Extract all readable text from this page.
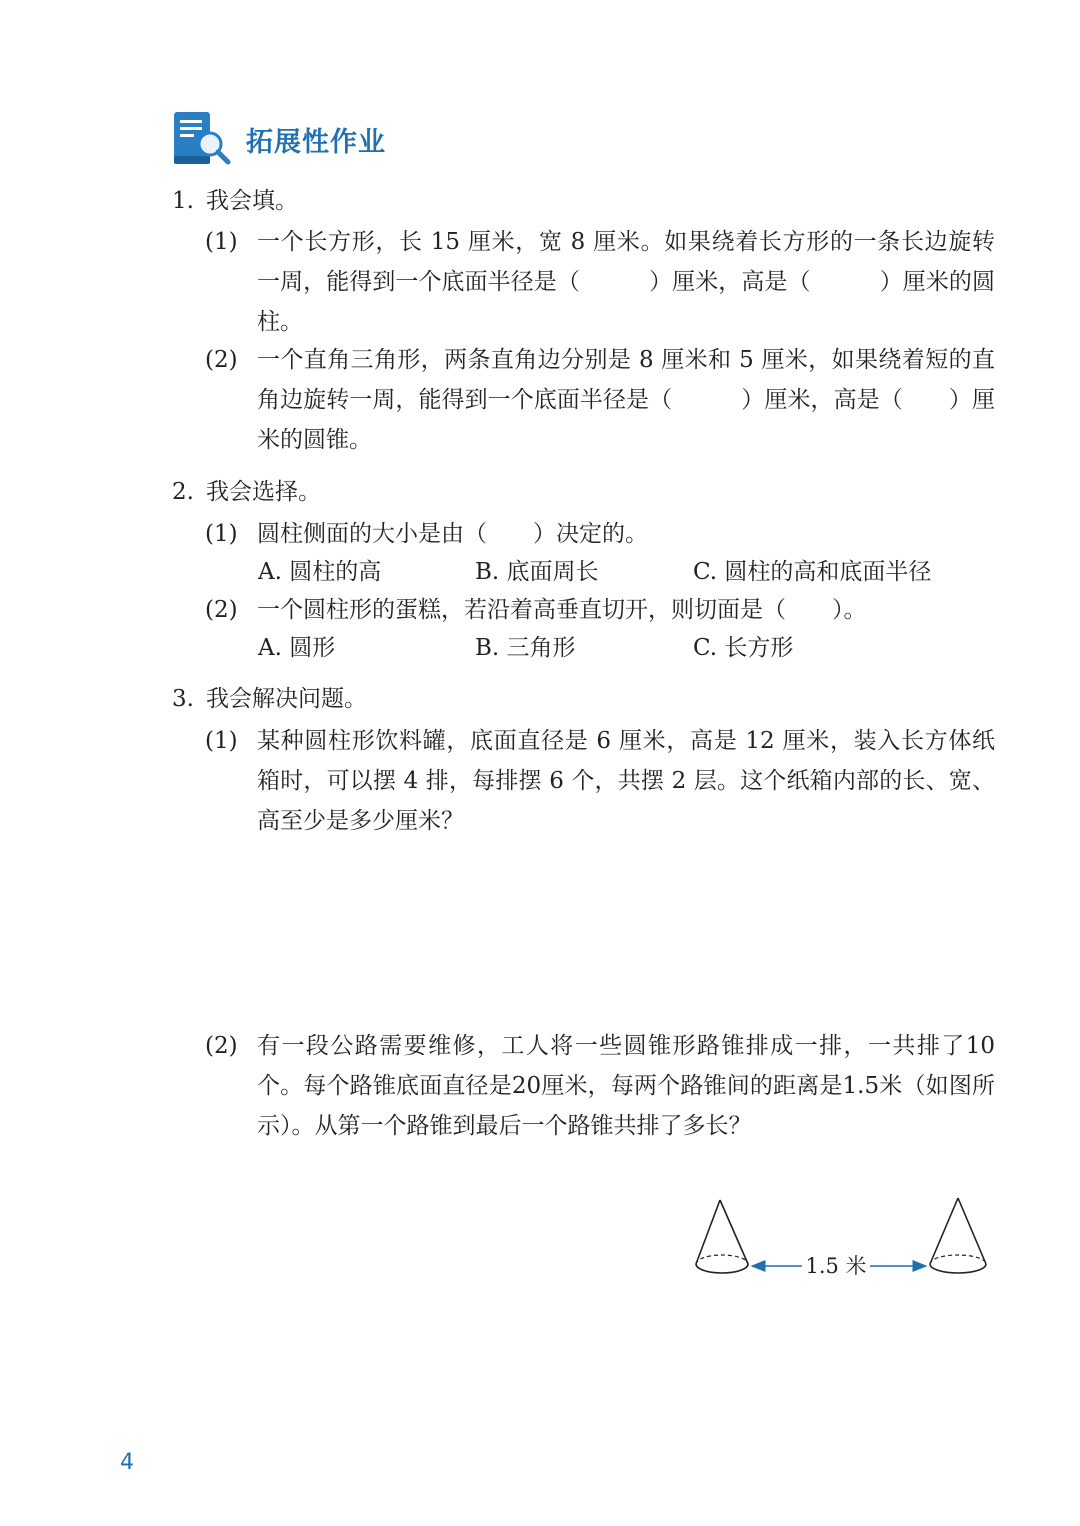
拓展性作业
1. 我会填。
(1) 一个长方形，长 15 厘米，宽 8 厘米。如果绕着长方形的一条长边旋转一周，能得到一个底面半径是（　　　）厘米，高是（　　　）厘米的圆柱。
(2) 一个直角三角形，两条直角边分别是 8 厘米和 5 厘米，如果绕着短的直角边旋转一周，能得到一个底面半径是（　　　）厘米，高是（　　）厘米的圆锥。
2. 我会选择。
(1) 圆柱侧面的大小是由（　　）决定的。
A. 圆柱的高	B. 底面周长	C. 圆柱的高和底面半径
(2) 一个圆柱形的蛋糕，若沿着高垂直切开，则切面是（　　）。
A. 圆形	B. 三角形	C. 长方形
3. 我会解决问题。
(1) 某种圆柱形饮料罐，底面直径是 6 厘米，高是 12 厘米，装入长方体纸箱时，可以摆 4 排，每排摆 6 个，共摆 2 层。这个纸箱内部的长、宽、高至少是多少厘米？
(2) 有一段公路需要维修，工人将一些圆锥形路锥排成一排，一共排了10个。每个路锥底面直径是20厘米，每两个路锥间的距离是1.5米（如图所示）。从第一个路锥到最后一个路锥共排了多长？
1.5 米
4
